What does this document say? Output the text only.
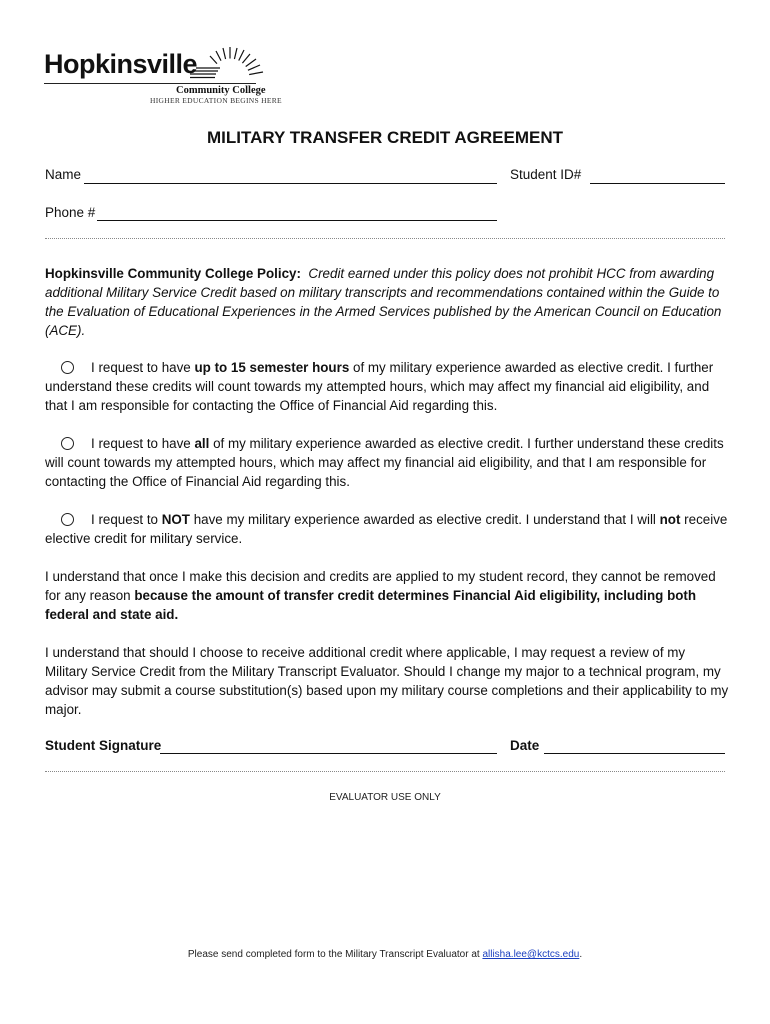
Hopkinsville
Community College
HIGHER EDUCATION BEGINS HERE
MILITARY TRANSFER CREDIT AGREEMENT
Name	Student ID#
Phone #
Hopkinsville Community College Policy: Credit earned under this policy does not prohibit HCC from awarding additional Military Service Credit based on military transcripts and recommendations contained within the Guide to the Evaluation of Educational Experiences in the Armed Services published by the American Council on Education (ACE).
I request to have up to 15 semester hours of my military experience awarded as elective credit. I further understand these credits will count towards my attempted hours, which may affect my financial aid eligibility, and that I am responsible for contacting the Office of Financial Aid regarding this.
I request to have all of my military experience awarded as elective credit. I further understand these credits will count towards my attempted hours, which may affect my financial aid eligibility, and that I am responsible for contacting the Office of Financial Aid regarding this.
I request to NOT have my military experience awarded as elective credit. I understand that I will not receive elective credit for military service.
I understand that once I make this decision and credits are applied to my student record, they cannot be removed for any reason because the amount of transfer credit determines Financial Aid eligibility, including both federal and state aid.
I understand that should I choose to receive additional credit where applicable, I may request a review of my Military Service Credit from the Military Transcript Evaluator. Should I change my major to a technical program, my advisor may submit a course substitution(s) based upon my military course completions and their applicability to my major.
Student Signature	Date
EVALUATOR USE ONLY
Please send completed form to the Military Transcript Evaluator at allisha.lee@kctcs.edu.
